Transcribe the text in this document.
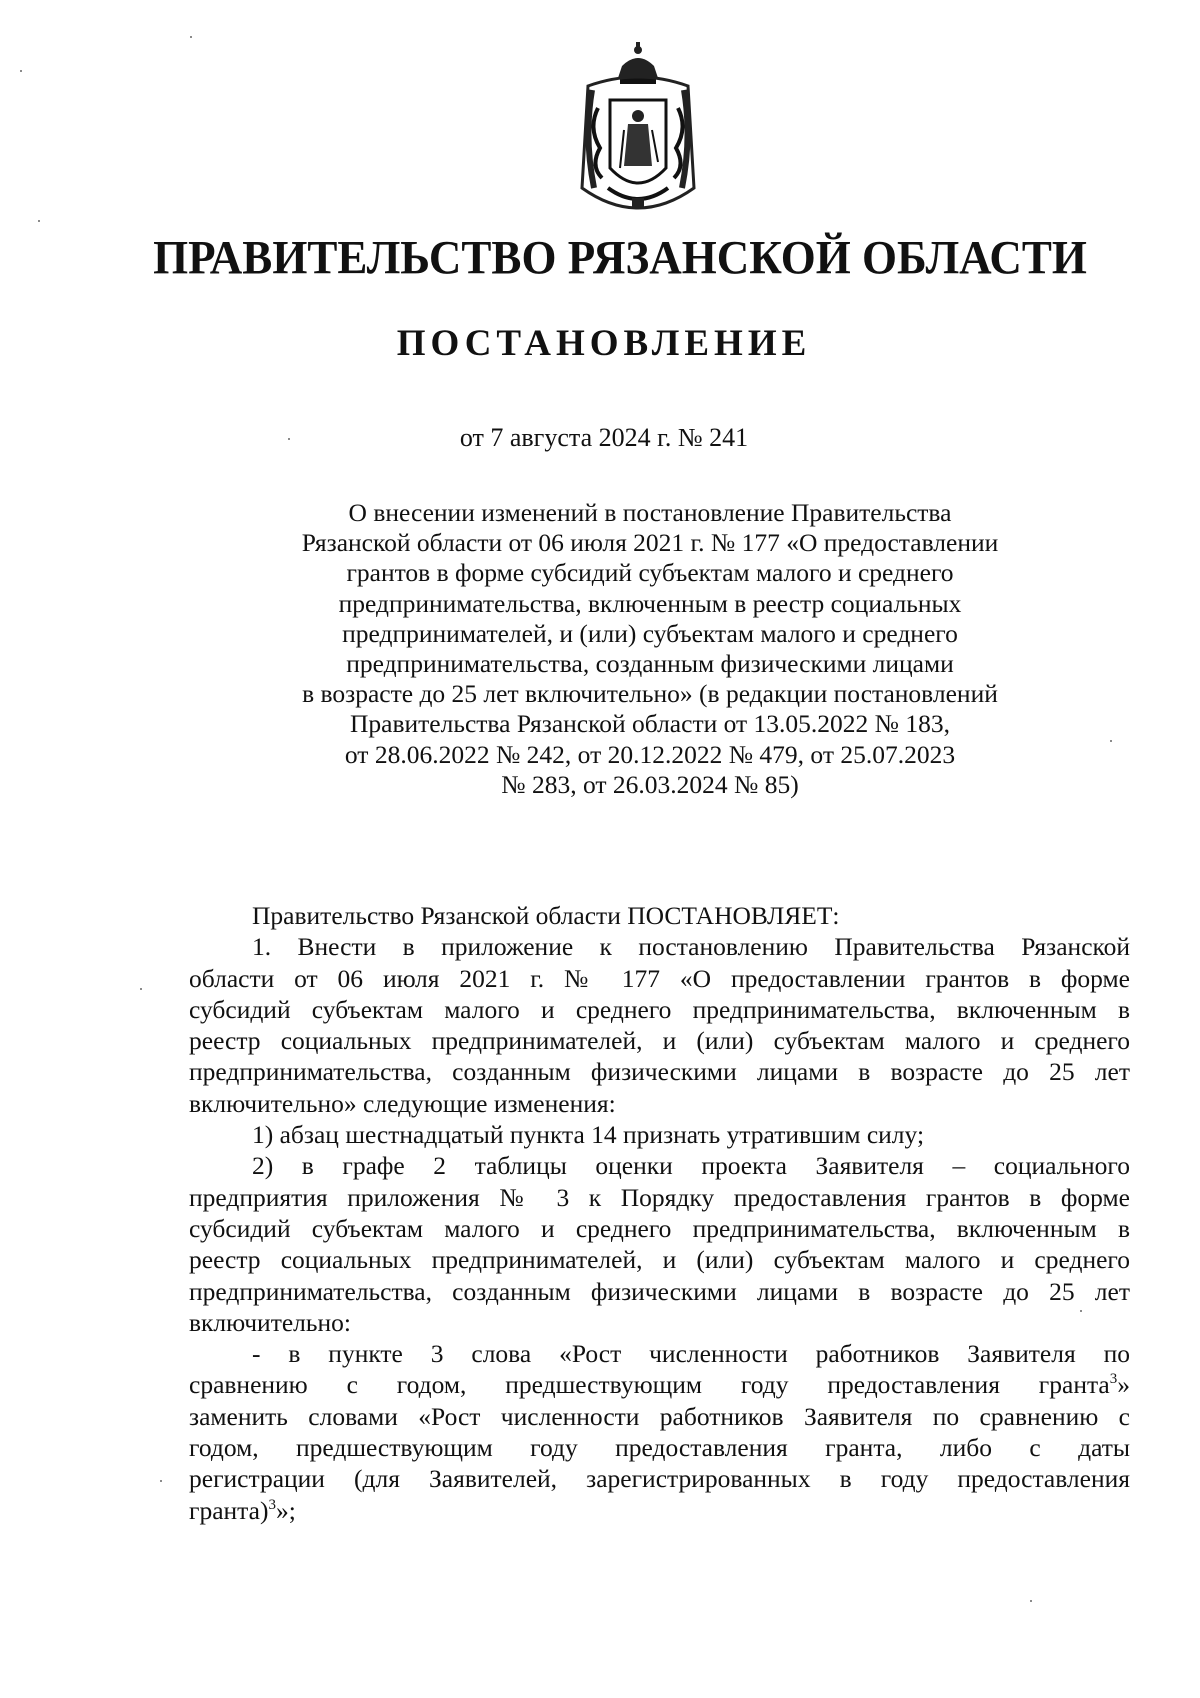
ПРАВИТЕЛЬСТВО РЯЗАНСКОЙ ОБЛАСТИ
ПОСТАНОВЛЕНИЕ
от 7 августа 2024 г. № 241
О внесении изменений в постановление Правительства
Рязанской области от 06 июля 2021 г. № 177 «О предоставлении
грантов в форме субсидий субъектам малого и среднего
предпринимательства, включенным в реестр социальных
предпринимателей, и (или) субъектам малого и среднего
предпринимательства, созданным физическими лицами
в возрасте до 25 лет включительно» (в редакции постановлений
Правительства Рязанской области от 13.05.2022 № 183,
от 28.06.2022 № 242, от 20.12.2022 № 479, от 25.07.2023
№ 283, от 26.03.2024 № 85)
Правительство Рязанской области ПОСТАНОВЛЯЕТ:
1. Внести в приложение к постановлению Правительства Рязанской
области от 06 июля 2021 г. № 177 «О предоставлении грантов в форме
субсидий субъектам малого и среднего предпринимательства, включенным в
реестр социальных предпринимателей, и (или) субъектам малого и среднего
предпринимательства, созданным физическими лицами в возрасте до 25 лет
включительно» следующие изменения:
1) абзац шестнадцатый пункта 14 признать утратившим силу;
2) в графе 2 таблицы оценки проекта Заявителя – социального
предприятия приложения № 3 к Порядку предоставления грантов в форме
субсидий субъектам малого и среднего предпринимательства, включенным в
реестр социальных предпринимателей, и (или) субъектам малого и среднего
предпринимательства, созданным физическими лицами в возрасте до 25 лет
включительно:
- в пункте 3 слова «Рост численности работников Заявителя по
сравнению с годом, предшествующим году предоставления гранта$^3$»
заменить словами «Рост численности работников Заявителя по сравнению с
годом, предшествующим году предоставления гранта, либо с даты
регистрации (для Заявителей, зарегистрированных в году предоставления
гранта)$^3$»;
